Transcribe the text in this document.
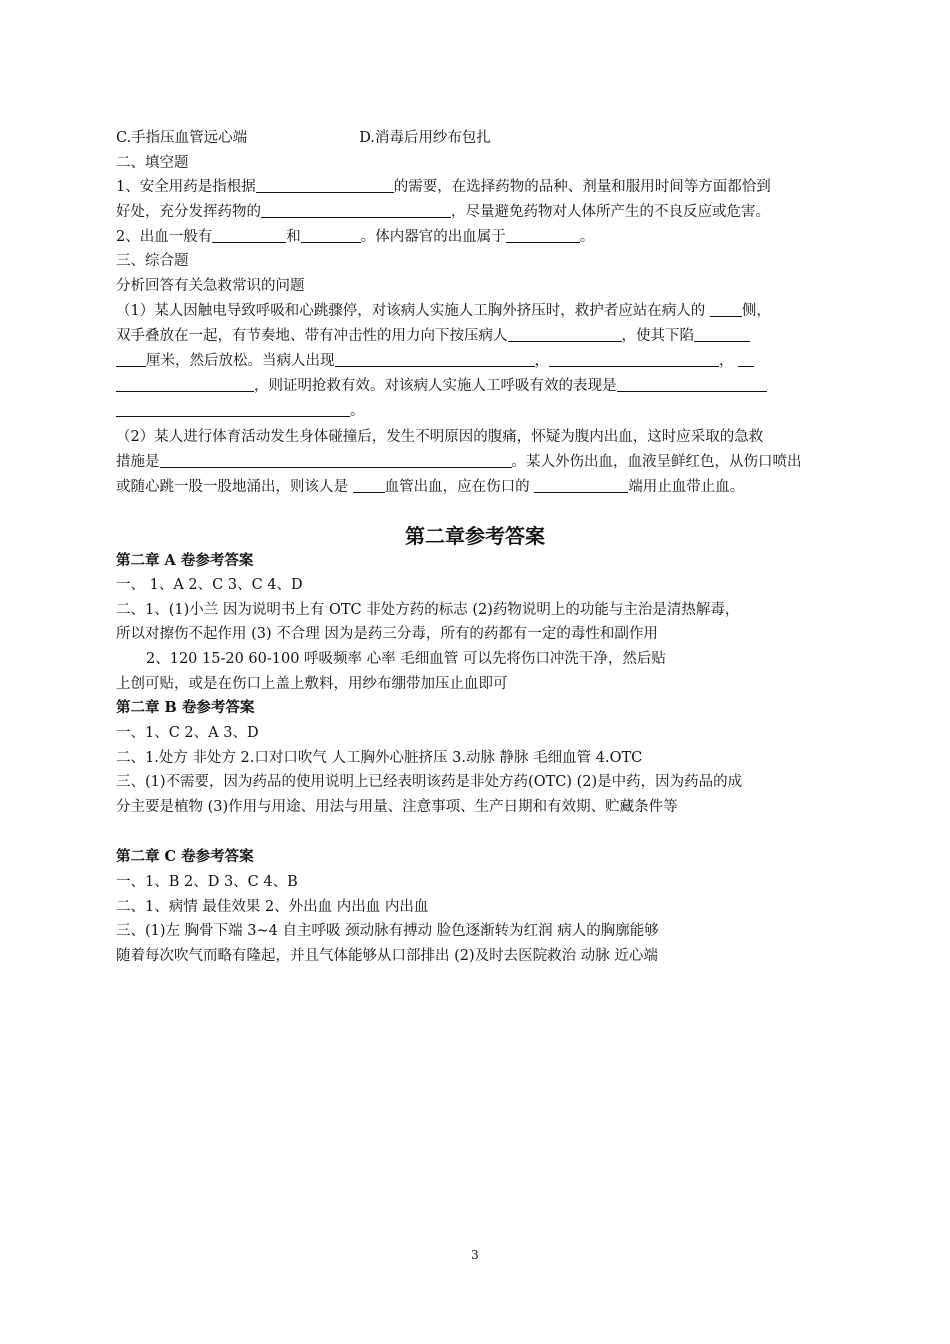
C.手指压血管远心端	D.消毒后用纱布包扎
二、填空题
1、安全用药是指根据	的需要，在选择药物的品种、剂量和服用时间等方面都恰到
好处，充分发挥药物的	，尽量避免药物对人体所产生的不良反应或危害。
2、出血一般有	和	。体内器官的出血属于	。
三、综合题
分析回答有关急救常识的问题
（1）某人因触电导致呼吸和心跳骤停，对该病人实施人工胸外挤压时，救护者应站在病人的	侧，
双手叠放在一起，有节奏地、带有冲击性的用力向下按压病人	，使其下陷
厘米，然后放松。当病人出现	，	，
，则证明抢救有效。对该病人实施人工呼吸有效的表现是
。
（2）某人进行体育活动发生身体碰撞后，发生不明原因的腹痛，怀疑为腹内出血，这时应采取的急救
措施是	。某人外伤出血，血液呈鲜红色，从伤口喷出
或随心跳一股一股地涌出，则该人是	血管出血，应在伤口的	端用止血带止血。
第二章参考答案
第二章 A 卷参考答案
一、 1、A 2、C 3、C 4、D
二、1、(1)小兰 因为说明书上有 OTC 非处方药的标志 (2)药物说明上的功能与主治是清热解毒，
所以对擦伤不起作用 (3) 不合理 因为是药三分毒，所有的药都有一定的毒性和副作用
2、120 15-20 60-100 呼吸频率 心率 毛细血管 可以先将伤口冲洗干净，然后贴
上创可贴，或是在伤口上盖上敷料，用纱布绷带加压止血即可
第二章 B 卷参考答案
一、1、C 2、A 3、D
二、1.处方 非处方 2.口对口吹气 人工胸外心脏挤压 3.动脉 静脉 毛细血管 4.OTC
三、(1)不需要，因为药品的使用说明上已经表明该药是非处方药(OTC) (2)是中药，因为药品的成
分主要是植物 (3)作用与用途、用法与用量、注意事项、生产日期和有效期、贮藏条件等
第二章 C 卷参考答案
一、1、B 2、D 3、C 4、B
二、1、病情 最佳效果 2、外出血 内出血 内出血
三、(1)左 胸骨下端 3~4 自主呼吸 颈动脉有搏动 脸色逐渐转为红润 病人的胸廓能够
随着每次吹气而略有隆起，并且气体能够从口部排出 (2)及时去医院救治 动脉 近心端
3
